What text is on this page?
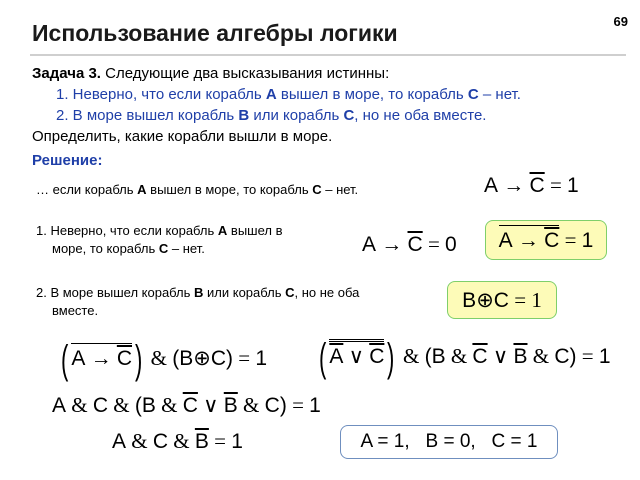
69
Использование алгебры логики
Задача 3. Следующие два высказывания истинны:
1. Неверно, что если корабль A вышел в море, то корабль C – нет.
2. В море вышел корабль B или корабль C, но не оба вместе.
Определить, какие корабли вышли в море.
Решение:
… если корабль A вышел в море, то корабль C – нет.	$A \to \overline{C} = 1$
1. Неверно, что если корабль A вышел в
море, то корабль C – нет.	$A \to \overline{C} = 0$	$A \to \overline{C} = 1$
2. В море вышел корабль B или корабль C, но не оба
вместе.	B⊕C = 1
( $A \to \overline{C}$) & (B⊕C) = 1 ( $\overline{A}$ ∨ $\overline{C}$) & (B & $\overline{C}$ ∨ $\overline{B}$ & C) = 1
A & C & (B & $\overline{C}$ ∨ $\overline{B}$ & C) = 1
A & C & $\overline{B} = 1$	A = 1,   B = 0,   C = 1
